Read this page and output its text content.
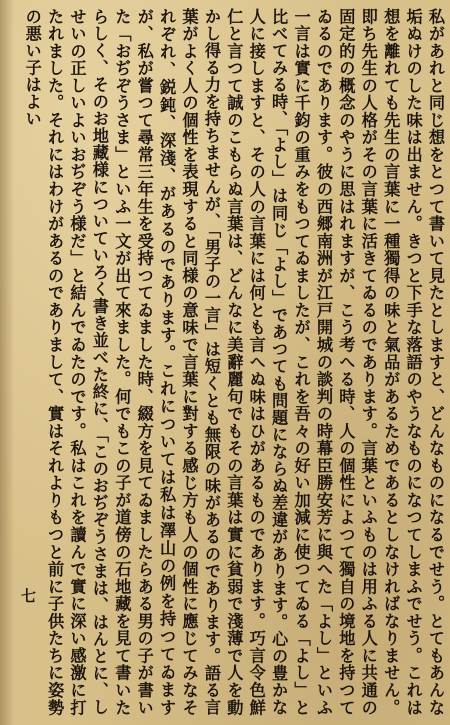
私があれと同じ想をとつて書いて見たとしますと、どんなものになるでせう。とてもあんな垢ぬけのした味は出ません。きつと下手な落語のやうなものになつてしまふでせう。これは想を離れても先生の言葉に一種獨得の味と氣品があるためであるとしなければなりません。即ち先生の人格がその言葉に活きてゐるのであります。言葉といふものは用ふる人に共通の固定的の概念のやうに思はれますが、こう考へる時、人の個性によつて獨自の境地を持つてゐるのであります。彼の西郷南洲が江戸開城の談判の時幕臣勝安芳に與へた「よし」といふ一言は實に千鈞の重みをもつてゐましたが、これを吾々の好い加減に使つてゐる「よし」と比べてみる時、「よし」は同じ「よし」であつても問題にならぬ差違があります。心の豊かな人に接しますと、その人の言葉には何とも言へぬ味はひがあるものであります。巧言令色鮮仁と言つて誠のこもらぬ言葉は、どんなに美辭麗句でもその言葉は實に貧弱で淺薄で人を動かし得る力を持ちませんが、「男子の一言」は短くとも無限の味があるのであります。語る言葉がよく人の個性を表現すると同様の意味で言葉に對する感じ方も人の個性に應じてみなそれぞれ、鋭鈍、深淺、があるのであります。これについては私は澤山の例を持つてゐますが、私が嘗つて尋常三年生を受持つてゐました時、綴方を見てゐましたらある男の子が書いた「おぢぞうさま」といふ一文が出て來ました。何でもこの子が道傍の石地藏を見て書いたらしく、そのお地藏様についていろく書き並べた終に、「このおぢぞうさまは、はんとに、しせいの正しいよいおぢぞう様だ」と結んでゐたのです。私はこれを讀んで實に深い感激に打たれました。それにはわけがあるのでありまして、實はそれよりもつと前に子供たちに姿勢の悪い子はよい

七
